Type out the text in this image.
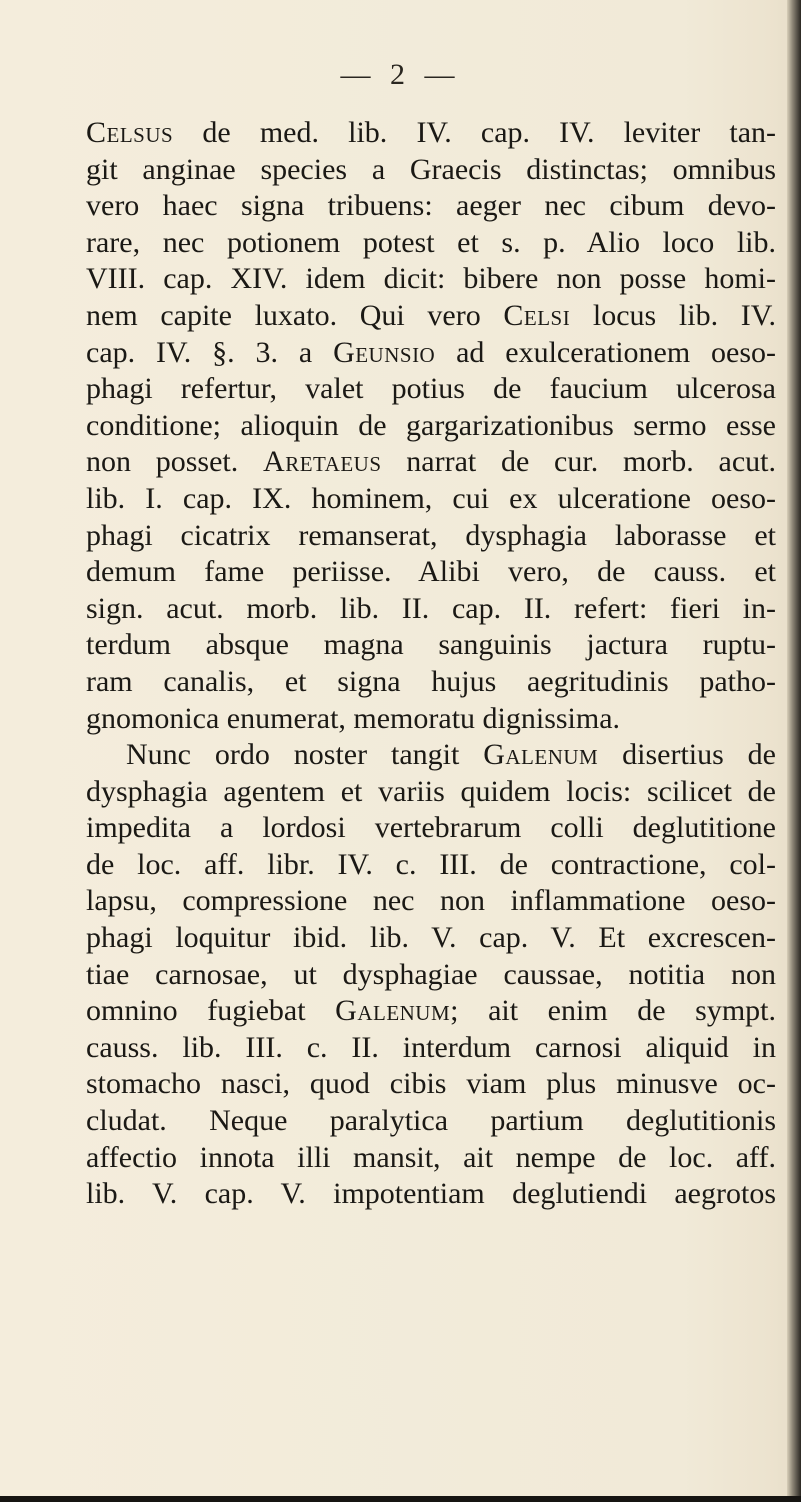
— 2 —
Celsus de med. lib. IV. cap. IV. leviter tan-
git anginae species a Graecis distinctas; omnibus
vero haec signa tribuens: aeger nec cibum devo-
rare, nec potionem potest et s. p. Alio loco lib.
VIII. cap. XIV. idem dicit: bibere non posse homi-
nem capite luxato. Qui vero Celsi locus lib. IV.
cap. IV. §. 3. a Geunsio ad exulcerationem oeso-
phagi refertur, valet potius de faucium ulcerosa
conditione; alioquin de gargarizationibus sermo esse
non posset. Aretaeus narrat de cur. morb. acut.
lib. I. cap. IX. hominem, cui ex ulceratione oeso-
phagi cicatrix remanserat, dysphagia laborasse et
demum fame periisse. Alibi vero, de causs. et
sign. acut. morb. lib. II. cap. II. refert: fieri in-
terdum absque magna sanguinis jactura ruptu-
ram canalis, et signa hujus aegritudinis patho-
gnomonica enumerat, memoratu dignissima.
Nunc ordo noster tangit Galenum disertius de
dysphagia agentem et variis quidem locis: scilicet de
impedita a lordosi vertebrarum colli deglutitione
de loc. aff. libr. IV. c. III. de contractione, col-
lapsu, compressione nec non inflammatione oeso-
phagi loquitur ibid. lib. V. cap. V. Et excrescen-
tiae carnosae, ut dysphagiae caussae, notitia non
omnino fugiebat Galenum; ait enim de sympt.
causs. lib. III. c. II. interdum carnosi aliquid in
stomacho nasci, quod cibis viam plus minusve oc-
cludat. Neque paralytica partium deglutitionis
affectio innota illi mansit, ait nempe de loc. aff.
lib. V. cap. V. impotentiam deglutiendi aegrotos
